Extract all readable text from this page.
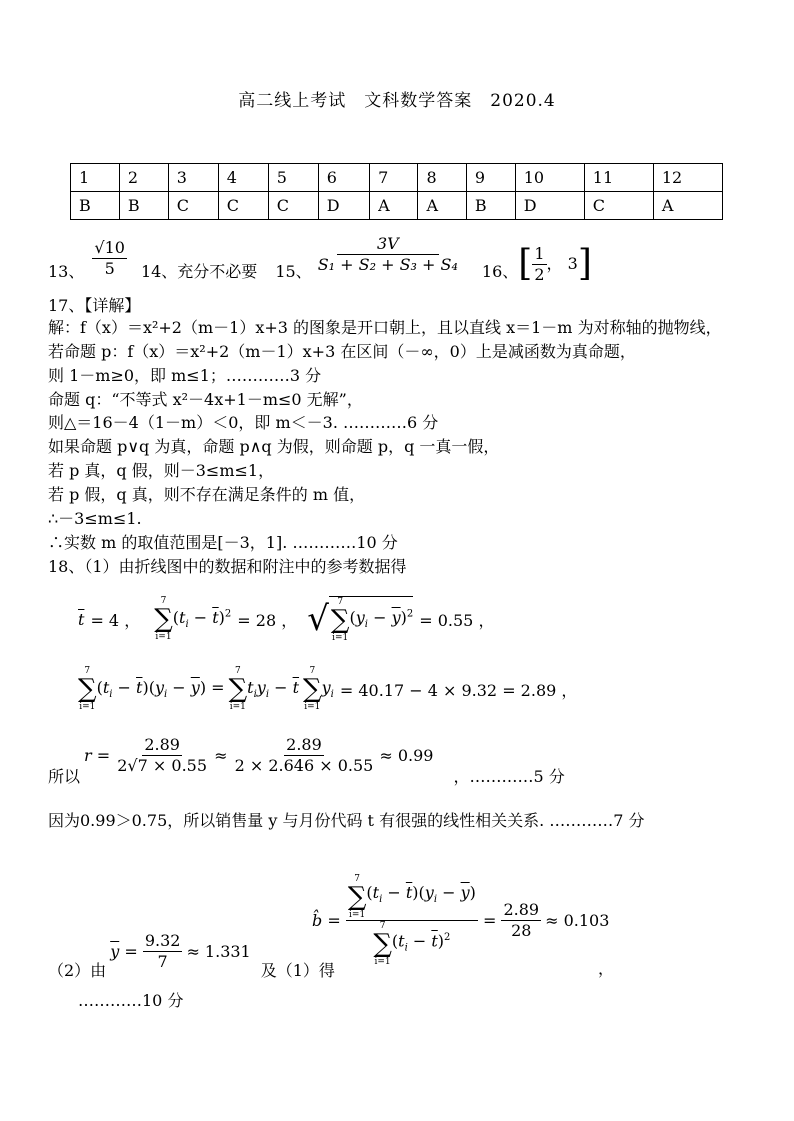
高二线上考试　文科数学答案　2020.4
1	2	3	4	5	6	7	8	9	10	11	12
B	B	C	C	C	D	A	A	B	D	C	A
13、 $\frac{√10}{5} 14$、充分不必要 15、 $\frac{3V}{\text{S₁ + S₂ + S₃ + S₄}} 16$、 [ $\frac{1}{2}$ ， 3 ]
17、【详解】
解：f（x）＝x²+2（m－1）x+3 的图象是开口朝上，且以直线 x＝1－m 为对称轴的抛物线，
若命题 p：f（x）＝x²+2（m－1）x+3 在区间（－∞，0）上是减函数为真命题，
则 1－m≥0，即 m≤1；…………3 分
命题 q：“不等式 x²－4x+1－m≤0 无解”，
则△＝16－4（1－m）＜0，即 m＜－3. …………6 分
如果命题 p∨q 为真，命题 p∧q 为假，则命题 p，q 一真一假，
若 p 真，q 假，则－3≤m≤1，
若 p 假，q 真，则不存在满足条件的 m 值，
∴－3≤m≤1.
∴实数 m 的取值范围是[－3，1]. …………10 分
18、（1）由折线图中的数据和附注中的参考数据得
$\overline{t} = 4$ ，
7
∑
i=1
$(t_i - \overline{t})^2 = 28$ ， √ 7
∑
i=1
$(y_i - \overline{y})^2 = 0.55$ ，
7
∑
i=1
$(t_i - \overline{t})(y_i - \overline{y})$ =
7
∑
i=1
$t_iy_i - \overline{t}$
7
∑
i=1
$y_i = 40.17 - 4 \times 9.32 = 2.89$ ，
所以
$r = \frac{2.89}{2√7 \times 0.55} \approx \frac{2.89}{2 \times 2.646 \times 0.55} \approx 0.99$
，…………5 分
因为0.99＞0.75，所以销售量 y 与月份代码 t 有很强的线性相关关系. …………7 分
b̂ = 7
∑
i=1
$(t_i - \overline{t})(y_i - \overline{y})$
7
∑
i=1
$(t_i - \overline{t})^2 = \frac{2.89}{28} \approx 0.103$
（2）由
$\overline{y} = \frac{9.32}{7} \approx 1.331$
及（1）得	，
…………10 分
